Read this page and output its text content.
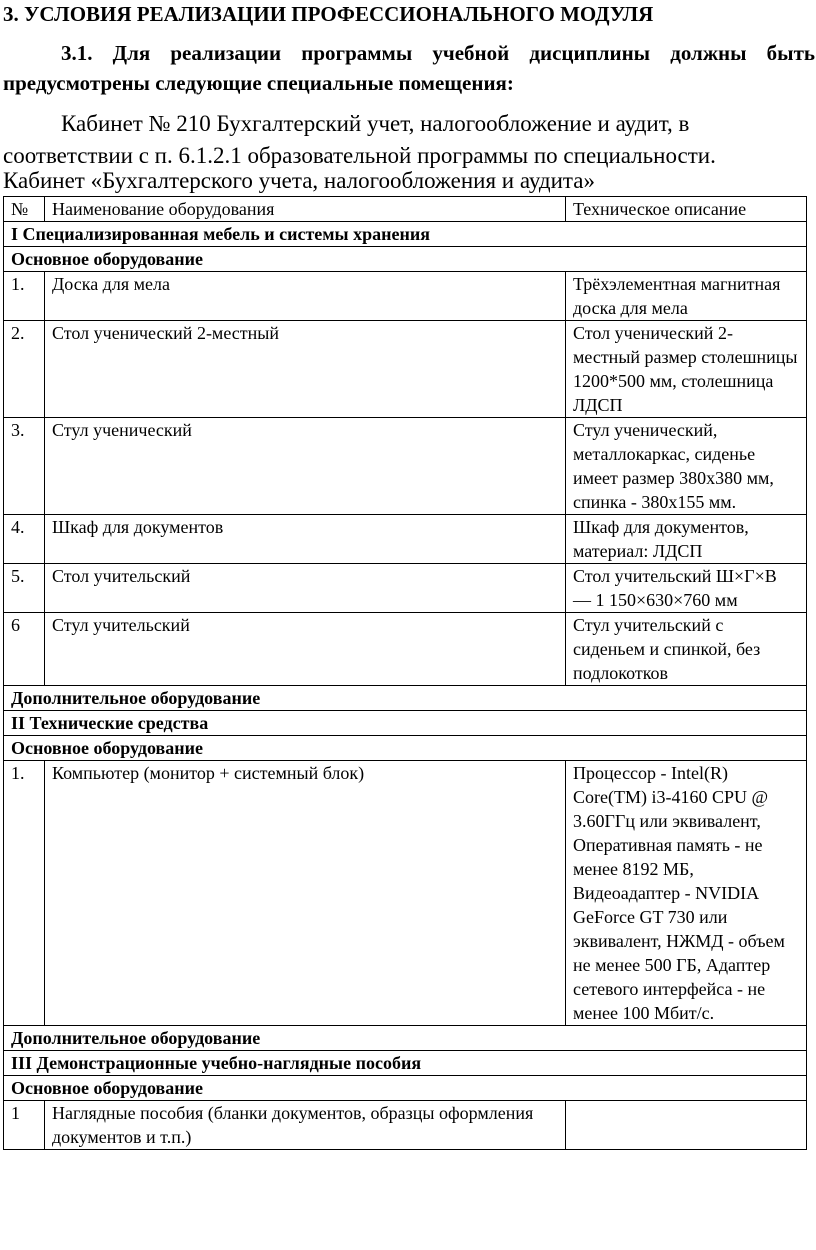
3. УСЛОВИЯ РЕАЛИЗАЦИИ ПРОФЕССИОНАЛЬНОГО МОДУЛЯ
3.1. Для реализации программы учебной дисциплины должны быть предусмотрены следующие специальные помещения:
Кабинет № 210 Бухгалтерский учет, налогообложение и аудит, в соответствии с п. 6.1.2.1 образовательной программы по специальности.
Кабинет «Бухгалтерского учета, налогообложения и аудита»
№	Наименование оборудования	Техническое описание
I Специализированная мебель и системы хранения		
Основное оборудование		
1.	Доска для мела	Трёхэлементная магнитная доска для мела
2.	Стол ученический 2-местный	Стол ученический 2-местный размер столешницы 1200*500 мм, столешница ЛДСП
3.	Стул ученический	Стул ученический, металлокаркас, сиденье имеет размер 380х380 мм, спинка - 380х155 мм.
4.	Шкаф для документов	Шкаф для документов, материал: ЛДСП
5.	Стол учительский	Стол учительский Ш×Г×В — 1 150×630×760 мм
6	Стул учительский	Стул учительский с сиденьем и спинкой, без подлокотков
Дополнительное оборудование		
II Технические средства		
Основное оборудование		
1.	Компьютер (монитор + системный блок)	Процессор - Intel(R) Core(TM) i3-4160 CPU @ 3.60ГГц или эквивалент, Оперативная память - не менее 8192 МБ, Видеоадаптер - NVIDIA GeForce GT 730 или эквивалент, НЖМД - объем не менее 500 ГБ, Адаптер сетевого интерфейса - не менее 100 Мбит/с.
Дополнительное оборудование		
III Демонстрационные учебно-наглядные пособия		
Основное оборудование		
1	Наглядные пособия (бланки документов, образцы оформления документов и т.п.)	
